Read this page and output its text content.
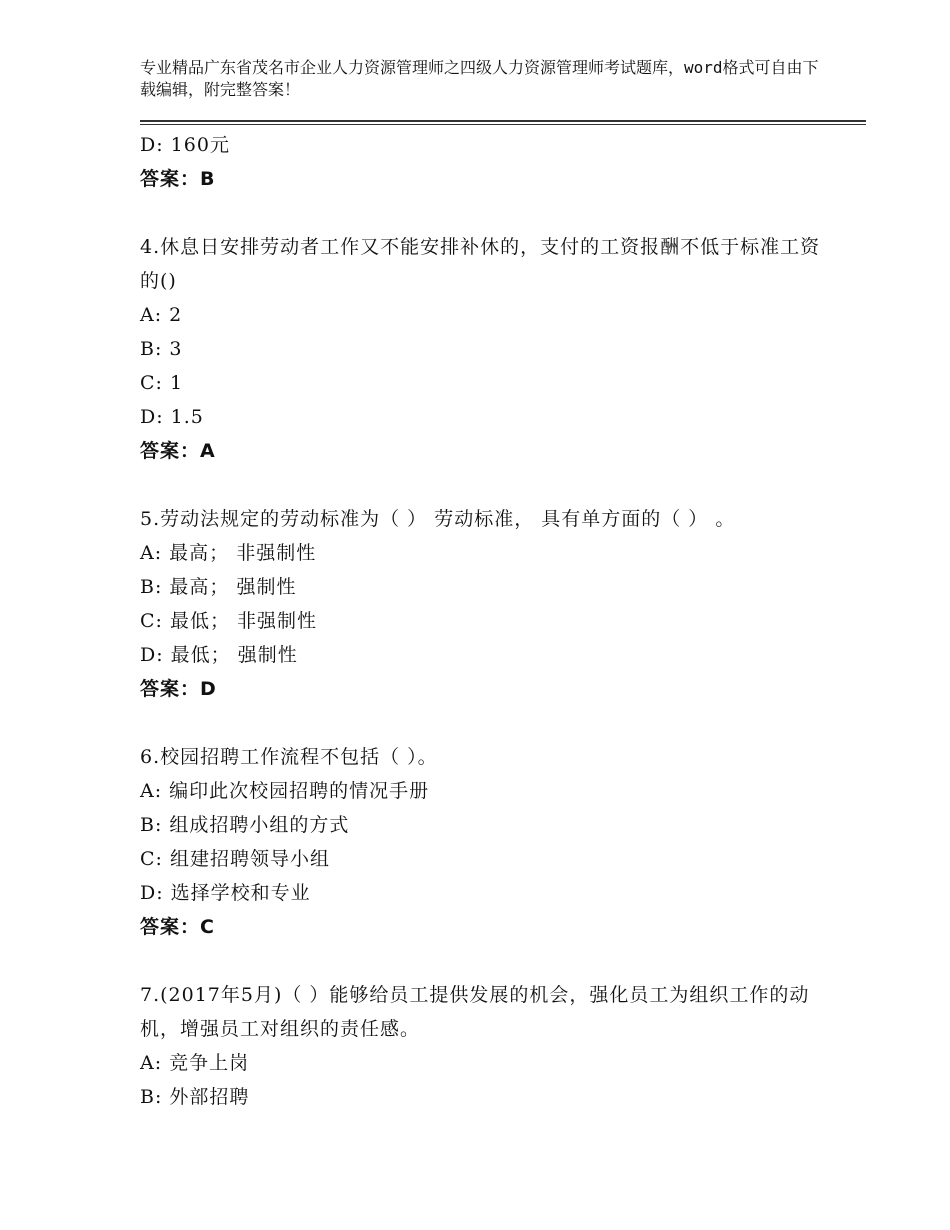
专业精品广东省茂名市企业人力资源管理师之四级人力资源管理师考试题库，word格式可自由下载编辑，附完整答案！
D: 160元
答案：B
4.休息日安排劳动者工作又不能安排补休的，支付的工资报酬不低于标准工资的()
A: 2
B: 3
C: 1
D: 1.5
答案：A
5.劳动法规定的劳动标准为（ ） 劳动标准， 具有单方面的（ ） 。
A: 最高； 非强制性
B: 最高； 强制性
C: 最低； 非强制性
D: 最低； 强制性
答案：D
6.校园招聘工作流程不包括（ ）。
A: 编印此次校园招聘的情况手册
B: 组成招聘小组的方式
C: 组建招聘领导小组
D: 选择学校和专业
答案：C
7.(2017年5月)（ ）能够给员工提供发展的机会，强化员工为组织工作的动机，增强员工对组织的责任感。
A: 竞争上岗
B: 外部招聘
